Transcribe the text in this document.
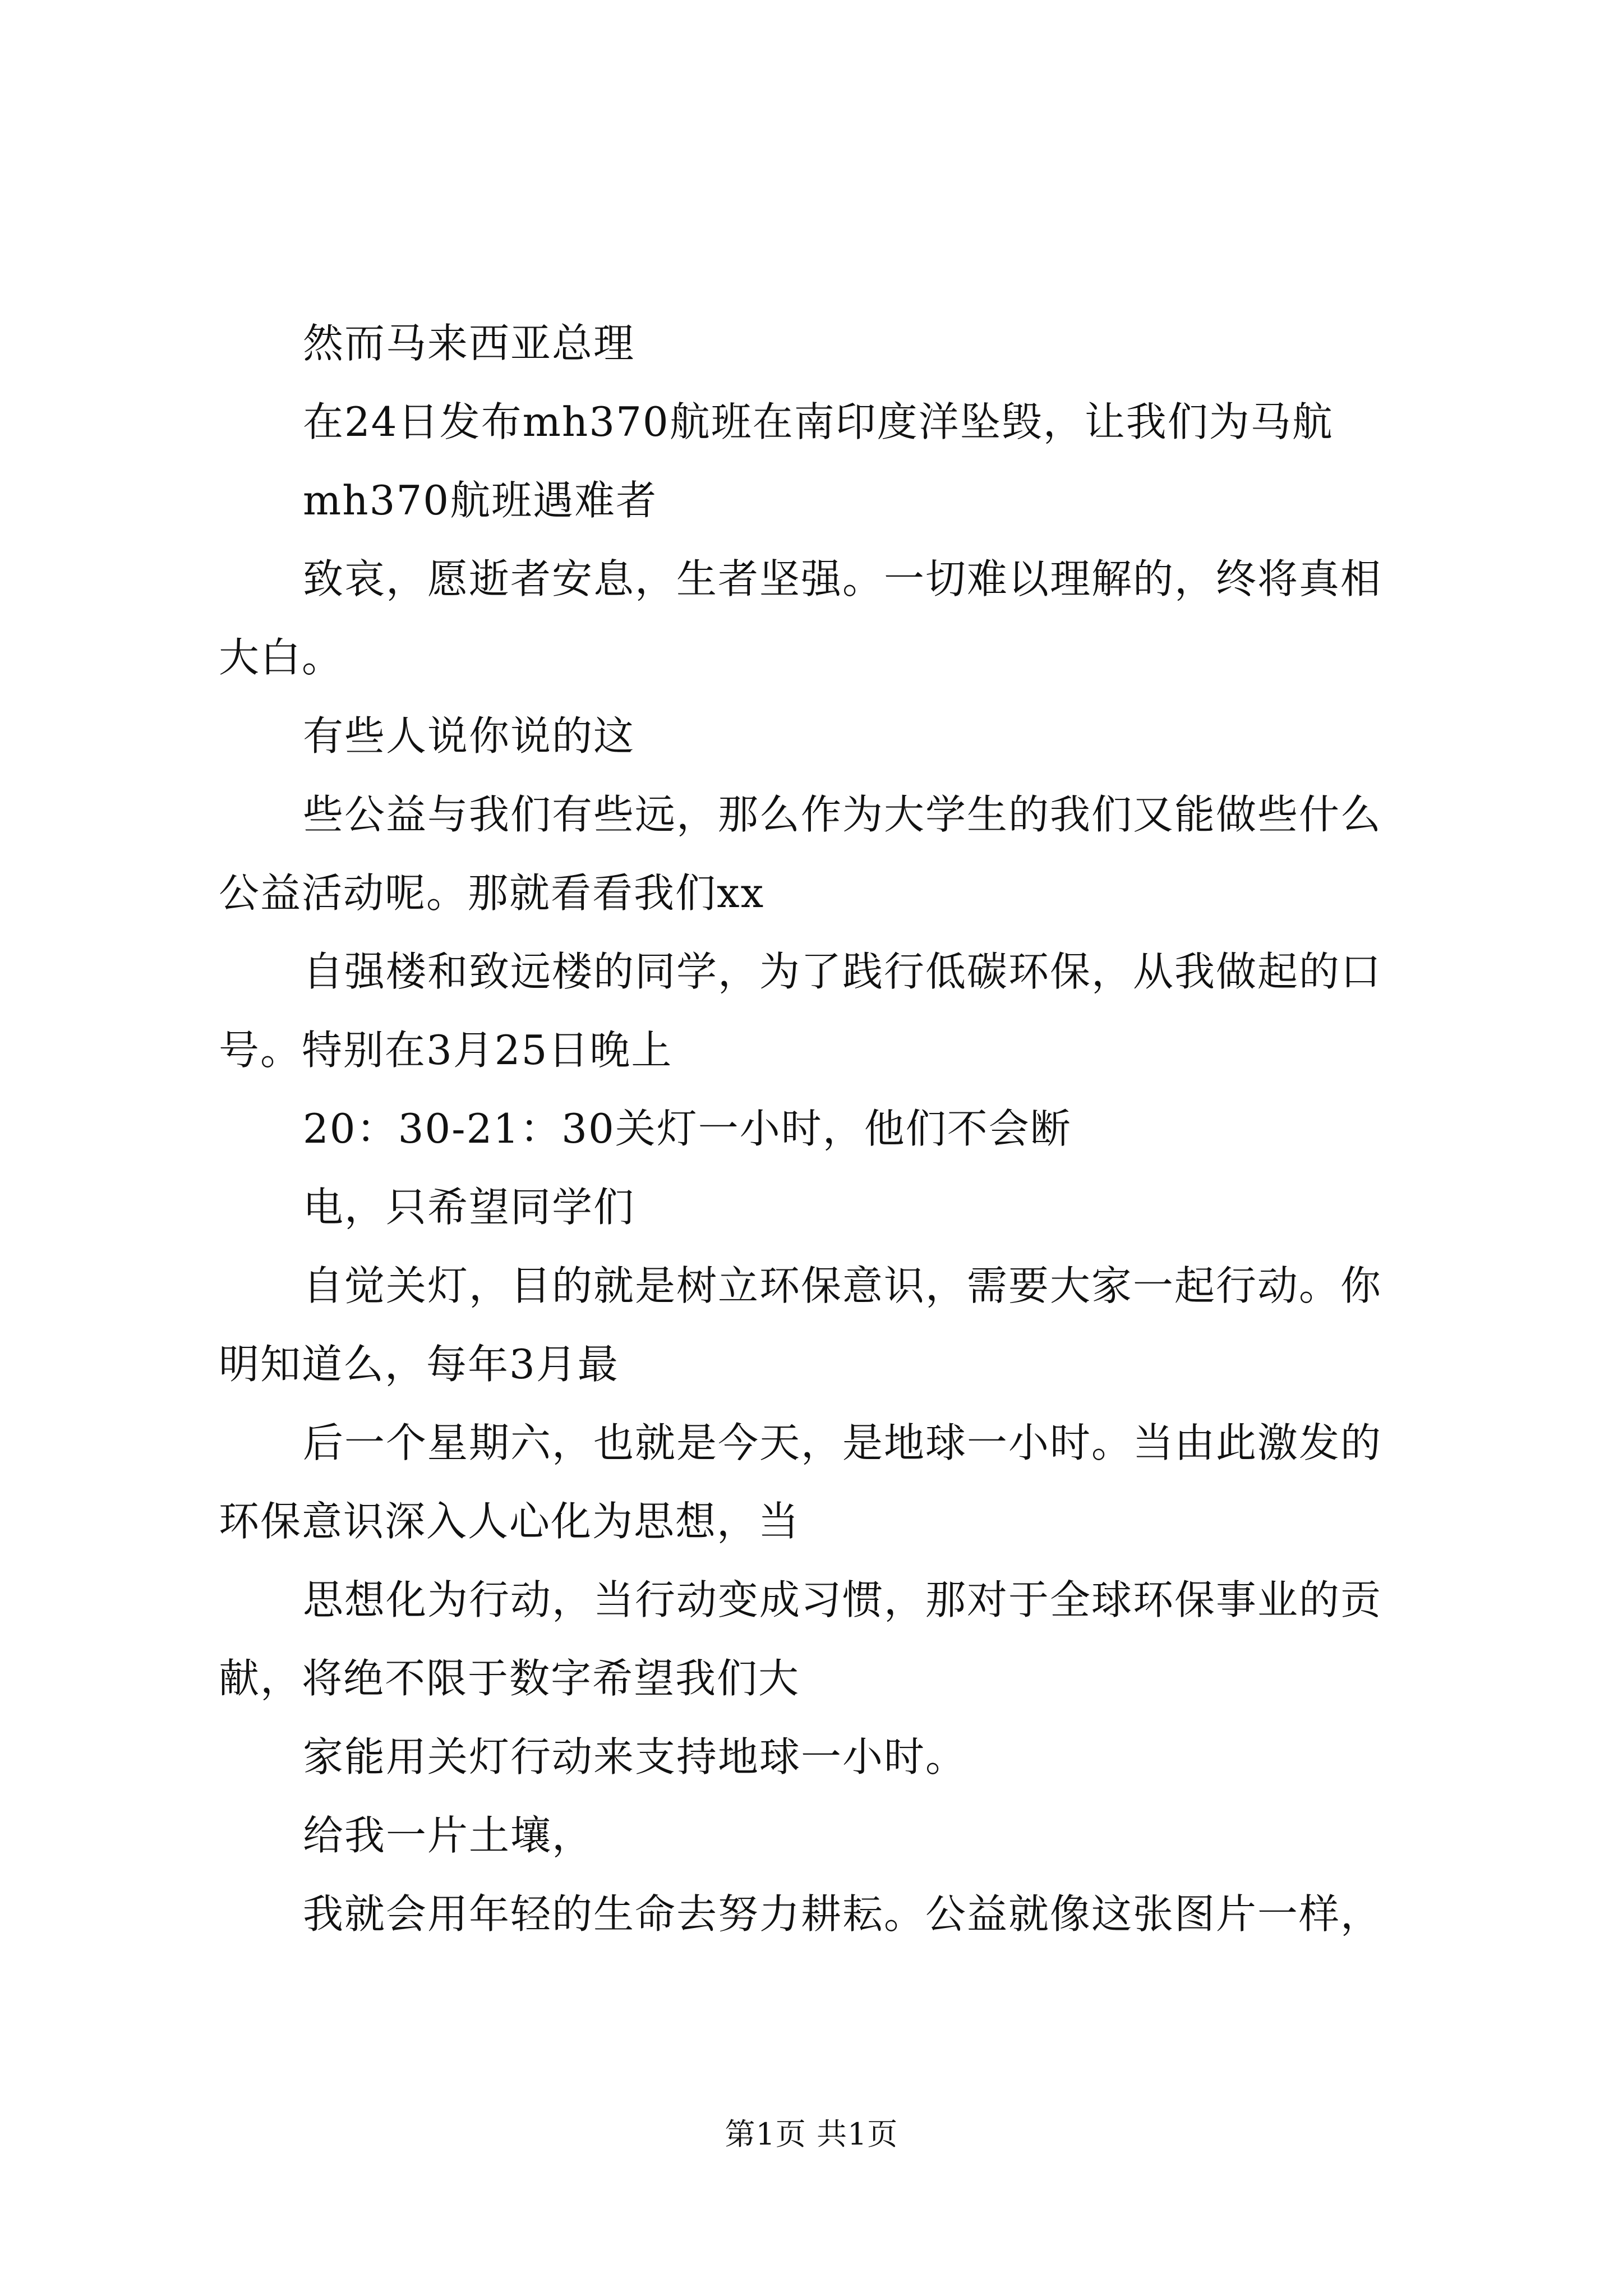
然而马来西亚总理
在24日发布mh370航班在南印度洋坠毁，让我们为马航
mh370航班遇难者
致哀，愿逝者安息，生者坚强。一切难以理解的，终将真相
大白。
有些人说你说的这
些公益与我们有些远，那么作为大学生的我们又能做些什么
公益活动呢。那就看看我们xx
自强楼和致远楼的同学，为了践行低碳环保，从我做起的口
号。特别在3月25日晚上
20：30-21：30关灯一小时，他们不会断
电，只希望同学们
自觉关灯，目的就是树立环保意识，需要大家一起行动。你
明知道么，每年3月最
后一个星期六，也就是今天，是地球一小时。当由此激发的
环保意识深入人心化为思想，当
思想化为行动，当行动变成习惯，那对于全球环保事业的贡
献，将绝不限于数字希望我们大
家能用关灯行动来支持地球一小时。
给我一片土壤，
我就会用年轻的生命去努力耕耘。公益就像这张图片一样，
第1页 共1页
